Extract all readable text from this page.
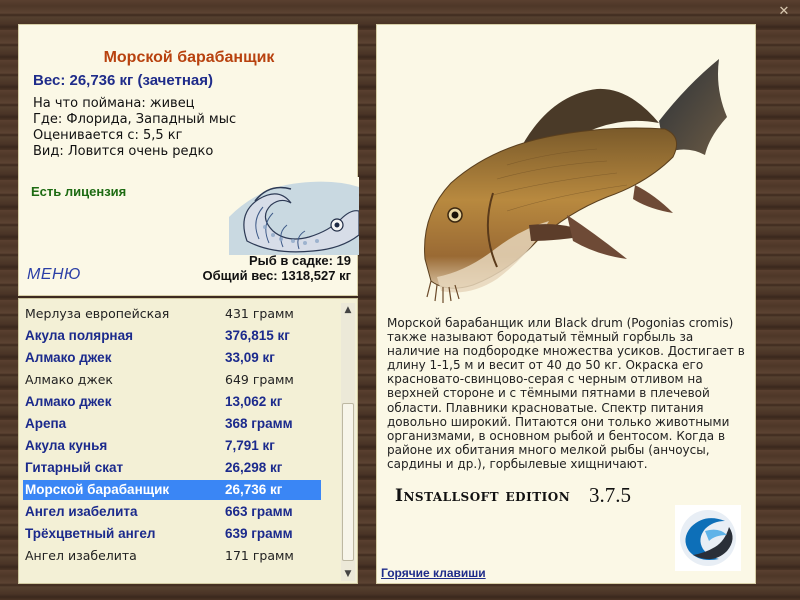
✕
Морской барабанщик
Вес: 26,736 кг (зачетная)
На что поймана: живец
Где: Флорида, Западный мыс
Оценивается с: 5,5 кг
Вид: Ловится очень редко
Есть лицензия
МЕНЮ
Рыб в садке: 19
Общий вес: 1318,527 кг
Мерлуза европейская	431 грамм
Акула полярная	376,815 кг
Алмако джек	33,09 кг
Алмако джек	649 грамм
Алмако джек	13,062 кг
Арепа	368 грамм
Акула кунья	7,791 кг
Гитарный скат	26,298 кг
Морской барабанщик	26,736 кг
Ангел изабелита	663 грамм
Трёхцветный ангел	639 грамм
Ангел изабелита	171 грамм
▲
▼
Морской барабанщик или Black drum (Pogonias cromis) также называют бородатый тёмный горбыль за наличие на подбородке множества усиков. Достигает в длину 1-1,5 м и весит от 40 до 50 кг. Окраска его красновато-свинцово-серая с черным отливом на верхней стороне и с тёмными пятнами в плечевой области. Плавники красноватые. Спектр питания довольно широкий. Питаются они только животными организмами, в основном рыбой и бентосом. Когда в районе их обитания много мелкой рыбы (анчоусы, сардины и др.), горбылевые хищничают.
Installsoft edition 3.7.5
Горячие клавиши
